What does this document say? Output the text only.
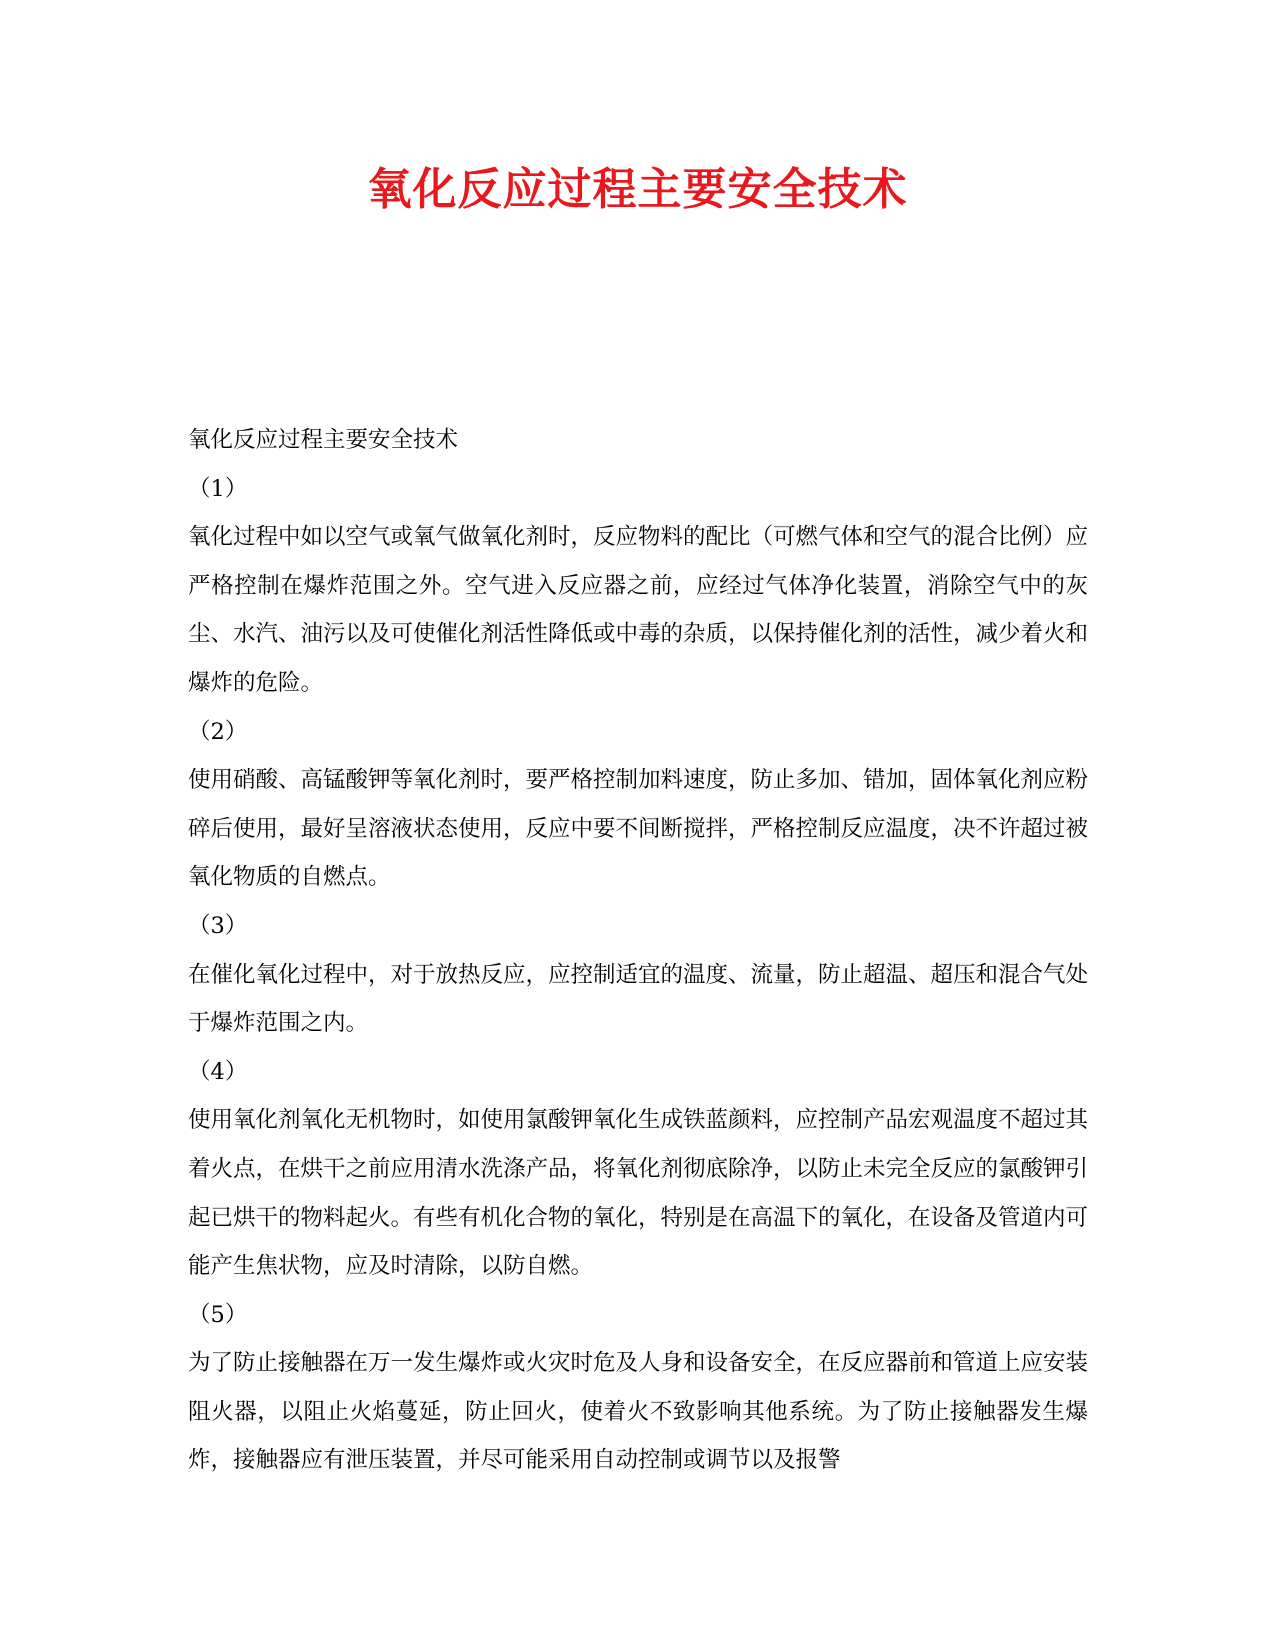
氧化反应过程主要安全技术

氧化反应过程主要安全技术

（1）

氧化过程中如以空气或氧气做氧化剂时，反应物料的配比（可燃气体和空气的混合比例）应严格控制在爆炸范围之外。空气进入反应器之前，应经过气体净化装置，消除空气中的灰尘、水汽、油污以及可使催化剂活性降低或中毒的杂质，以保持催化剂的活性，减少着火和爆炸的危险。

（2）

使用硝酸、高锰酸钾等氧化剂时，要严格控制加料速度，防止多加、错加，固体氧化剂应粉碎后使用，最好呈溶液状态使用，反应中要不间断搅拌，严格控制反应温度，决不许超过被氧化物质的自燃点。

（3）

在催化氧化过程中，对于放热反应，应控制适宜的温度、流量，防止超温、超压和混合气处于爆炸范围之内。

（4）

使用氧化剂氧化无机物时，如使用氯酸钾氧化生成铁蓝颜料，应控制产品宏观温度不超过其着火点，在烘干之前应用清水洗涤产品，将氧化剂彻底除净，以防止未完全反应的氯酸钾引起已烘干的物料起火。有些有机化合物的氧化，特别是在高温下的氧化，在设备及管道内可能产生焦状物，应及时清除，以防自燃。

（5）

为了防止接触器在万一发生爆炸或火灾时危及人身和设备安全，在反应器前和管道上应安装阻火器，以阻止火焰蔓延，防止回火，使着火不致影响其他系统。为了防止接触器发生爆炸，接触器应有泄压装置，并尽可能采用自动控制或调节以及报警
